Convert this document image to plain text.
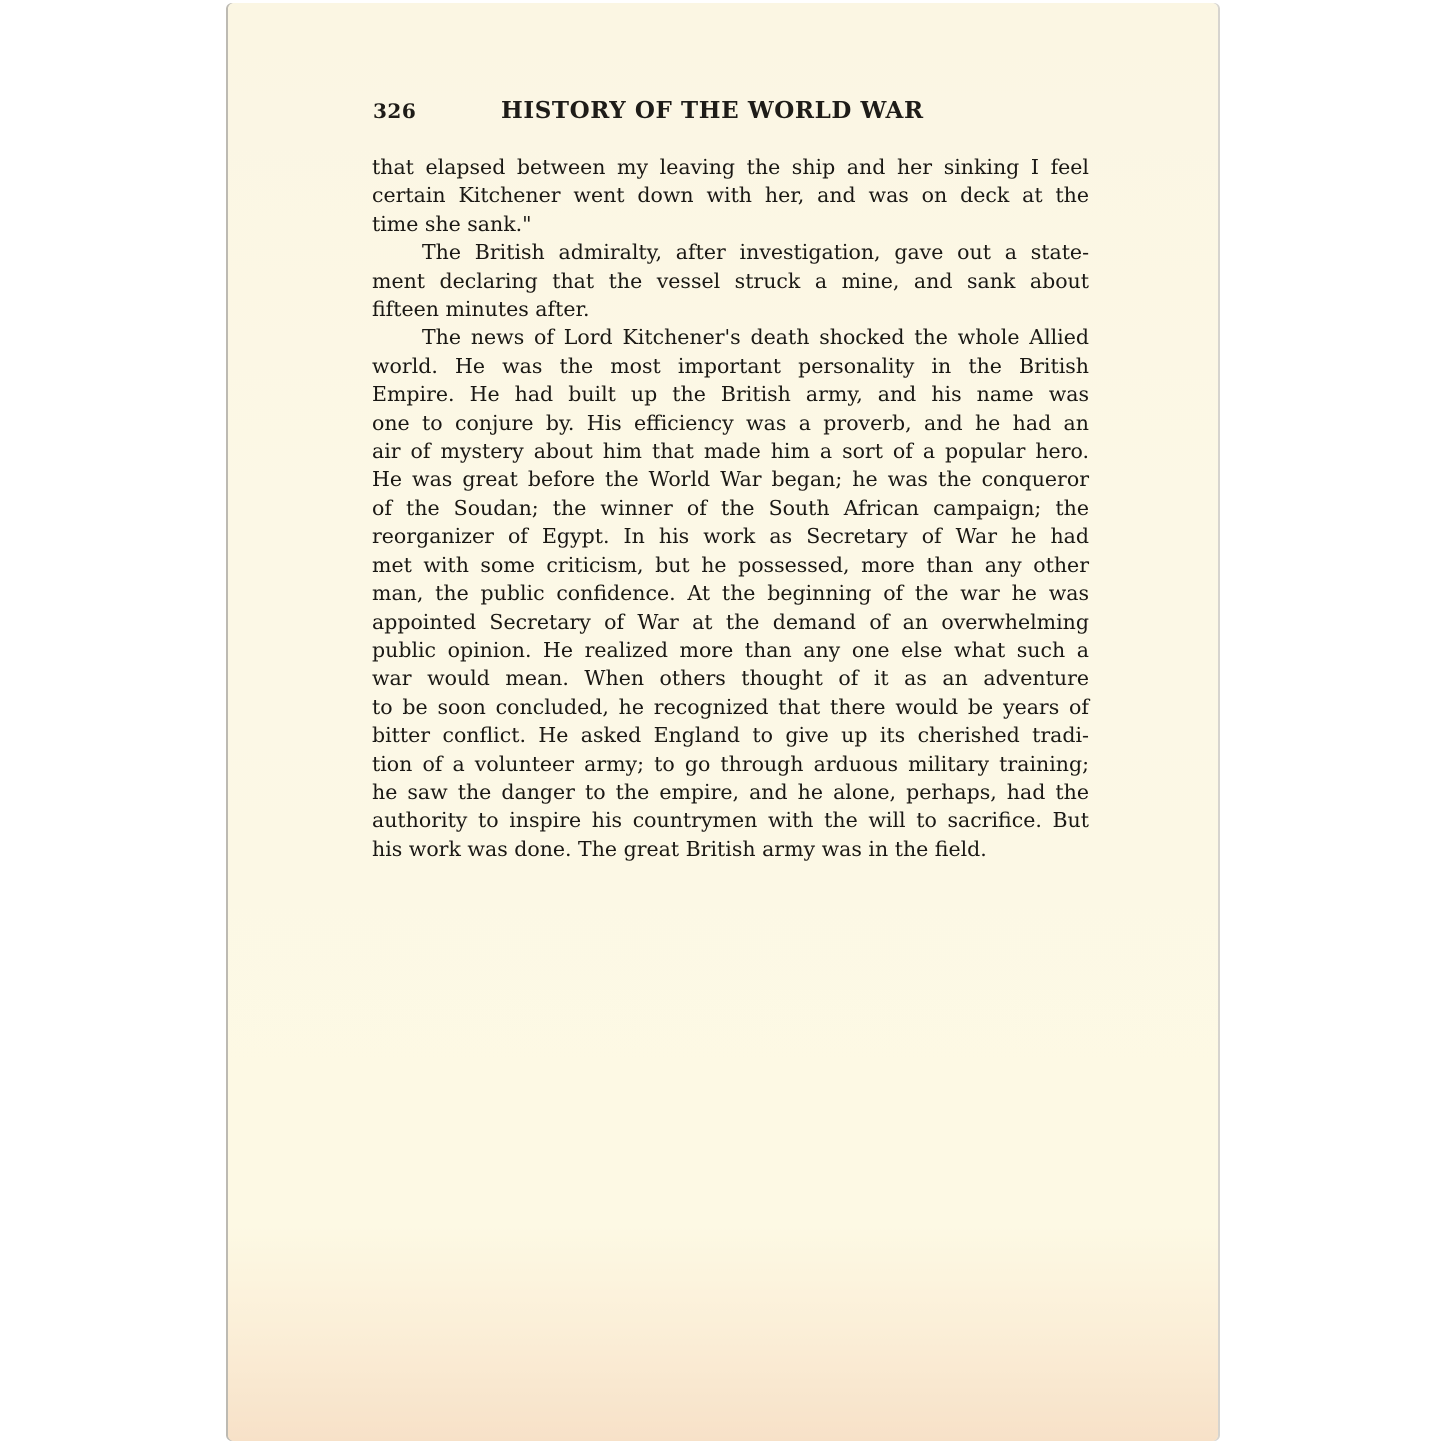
326	HISTORY OF THE WORLD WAR

that elapsed between my leaving the ship and her sinking I feel
certain Kitchener went down with her, and was on deck at the
time she sank."

The British admiralty, after investigation, gave out a state-
ment declaring that the vessel struck a mine, and sank about
fifteen minutes after.

The news of Lord Kitchener's death shocked the whole Allied
world. He was the most important personality in the British
Empire. He had built up the British army, and his name was
one to conjure by. His efficiency was a proverb, and he had an
air of mystery about him that made him a sort of a popular hero.
He was great before the World War began; he was the conqueror
of the Soudan; the winner of the South African campaign; the
reorganizer of Egypt. In his work as Secretary of War he had
met with some criticism, but he possessed, more than any other
man, the public confidence. At the beginning of the war he was
appointed Secretary of War at the demand of an overwhelming
public opinion. He realized more than any one else what such a
war would mean. When others thought of it as an adventure
to be soon concluded, he recognized that there would be years of
bitter conflict. He asked England to give up its cherished tradi-
tion of a volunteer army; to go through arduous military training;
he saw the danger to the empire, and he alone, perhaps, had the
authority to inspire his countrymen with the will to sacrifice. But
his work was done. The great British army was in the field.
